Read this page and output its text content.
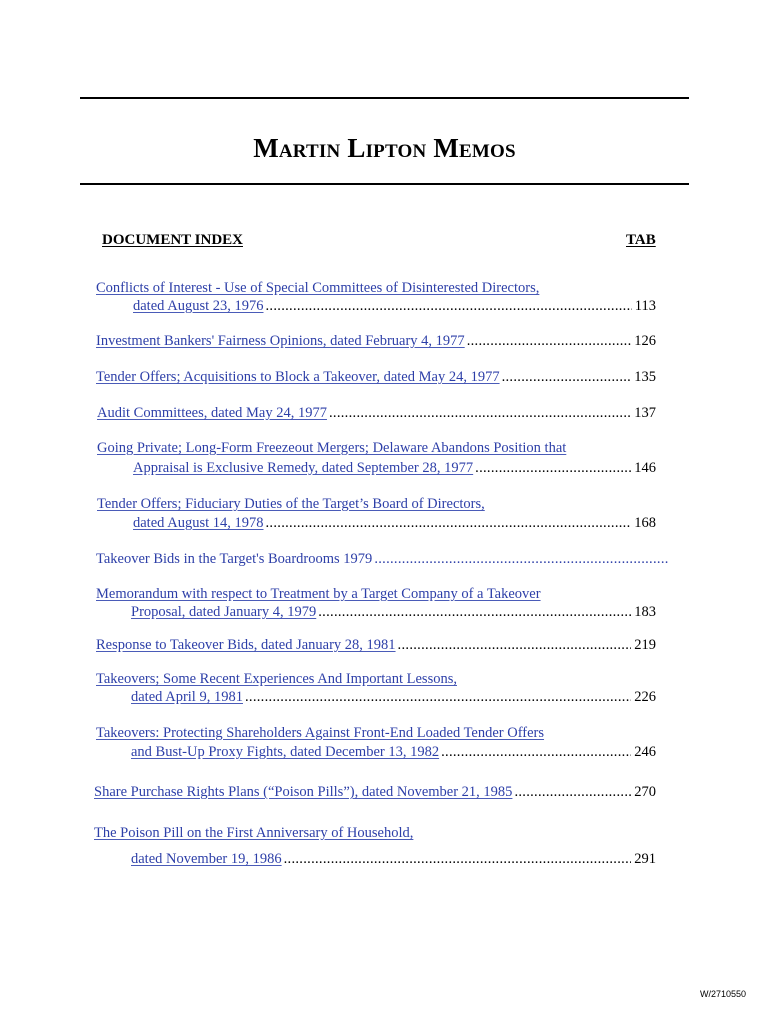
Martin Lipton Memos
DOCUMENT INDEX	TAB
Conflicts of Interest - Use of Special Committees of Disinterested Directors,
dated August 23, 1976 .....	113
Investment Bankers' Fairness Opinions, dated February 4, 1977 .....	126
Tender Offers; Acquisitions to Block a Takeover, dated May 24, 1977 .....	135
Audit Committees, dated May 24, 1977 .....	137
Going Private; Long-Form Freezeout Mergers; Delaware Abandons Position that
Appraisal is Exclusive Remedy, dated September 28, 1977 .....	146
Tender Offers; Fiduciary Duties of the Target’s Board of Directors,
dated August 14, 1978 .....	168
Takeover Bids in the Target's Boardrooms 1979
.....
Memorandum with respect to Treatment by a Target Company of a Takeover
Proposal, dated January 4, 1979 .....	183
Response to Takeover Bids, dated January 28, 1981 .....	219
Takeovers; Some Recent Experiences And Important Lessons,
dated April 9, 1981 .....	226
Takeovers: Protecting Shareholders Against Front-End Loaded Tender Offers
and Bust-Up Proxy Fights, dated December 13, 1982 .....	246
Share Purchase Rights Plans (“Poison Pills”), dated November 21, 1985 .....	270
The Poison Pill on the First Anniversary of Household,
dated November 19, 1986 .....	291
W/2710550
